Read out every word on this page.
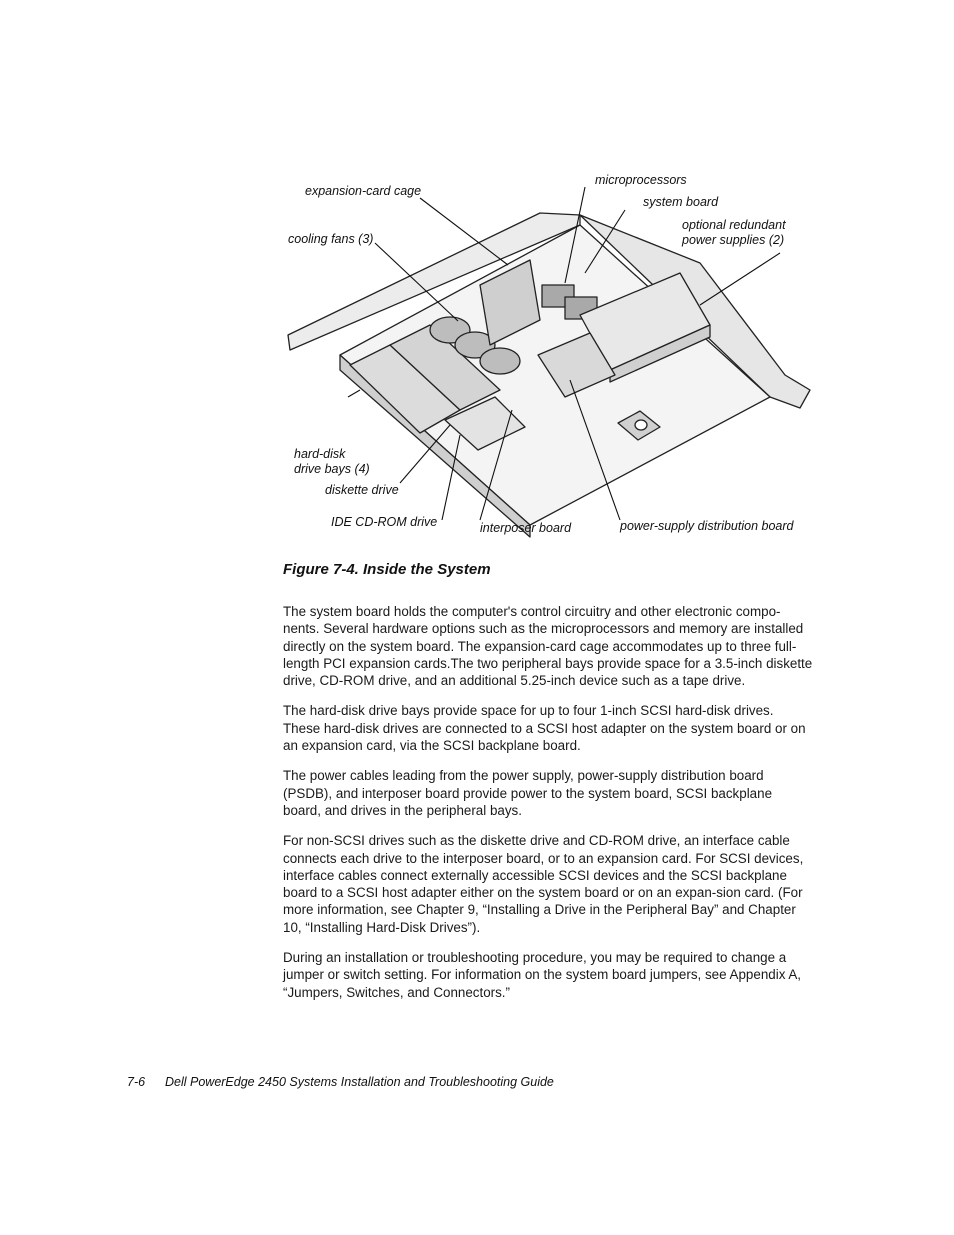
expansion-card cage
microprocessors
system board
optional redundant
power supplies (2)
cooling fans (3)
hard-disk
drive bays (4)
diskette drive
IDE CD-ROM drive	interposer board	power-supply distribution board
Figure 7-4. Inside the System

The system board holds the computer's control circuitry and other electronic compo-nents. Several hardware options such as the microprocessors and memory are installed directly on the system board. The expansion-card cage accommodates up to three full-length PCI expansion cards.The two peripheral bays provide space for a 3.5-inch diskette drive, CD-ROM drive, and an additional 5.25-inch device such as a tape drive.

The hard-disk drive bays provide space for up to four 1-inch SCSI hard-disk drives. These hard-disk drives are connected to a SCSI host adapter on the system board or on an expansion card, via the SCSI backplane board.

The power cables leading from the power supply, power-supply distribution board (PSDB), and interposer board provide power to the system board, SCSI backplane board, and drives in the peripheral bays.

For non-SCSI drives such as the diskette drive and CD-ROM drive, an interface cable connects each drive to the interposer board, or to an expansion card. For SCSI devices, interface cables connect externally accessible SCSI devices and the SCSI backplane board to a SCSI host adapter either on the system board or on an expan-sion card. (For more information, see Chapter 9, “Installing a Drive in the Peripheral Bay” and Chapter 10, “Installing Hard-Disk Drives”).

During an installation or troubleshooting procedure, you may be required to change a jumper or switch setting. For information on the system board jumpers, see Appendix A, “Jumpers, Switches, and Connectors.”

7-6 Dell PowerEdge 2450 Systems Installation and Troubleshooting Guide
